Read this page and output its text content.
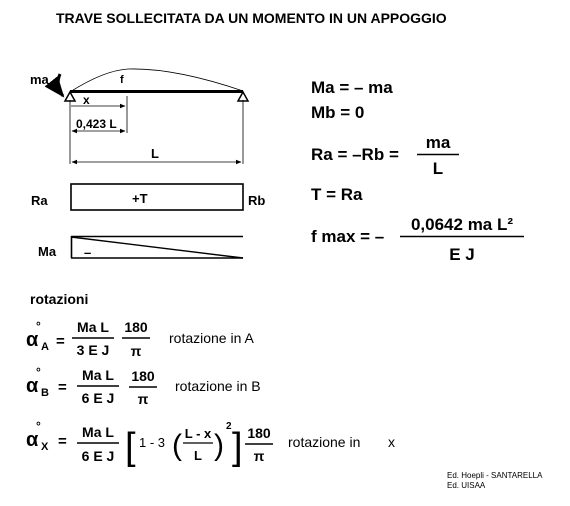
TRAVE SOLLECITATA DA UN MOMENTO IN UN APPOGGIO
f
ma
x
0,423 L
L
Ra	+T	Rb
Ma –
Ma = – ma
Mb = 0
Ra = –Rb =
ma
L
T = Ra
f max = –
0,0642 ma L²
E J
rotazioni
α
°
A =
Ma L
3 E J
180
π
rotazione in A
α
°
B =
Ma L
6 E J
180
π
rotazione in B
α
°
X =
Ma L
6 E J [ 1 - 3 ( L - x
L )
2 ] 180
π
rotazione in x
Ed. Hoepli - SANTARELLA
Ed. UISAA
